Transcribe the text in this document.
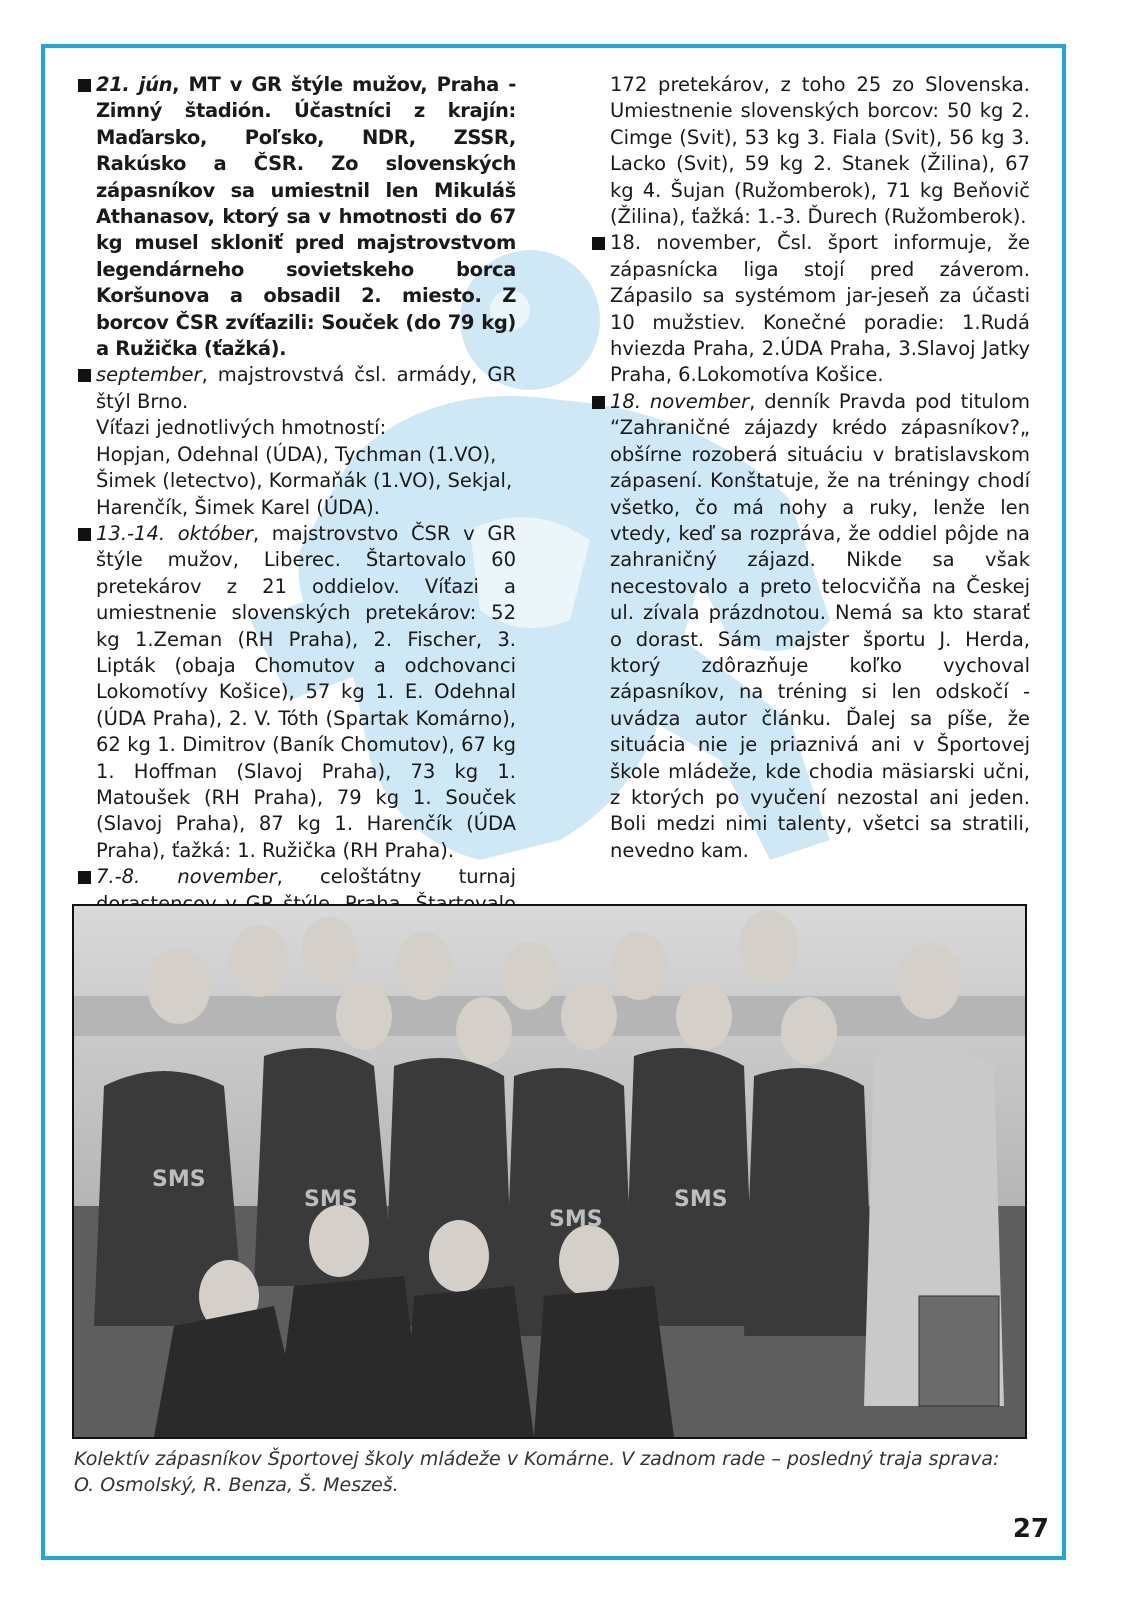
21. jún, MT v GR štýle mužov, Praha - Zimný štadión. Účastníci z krajín: Maďarsko, Poľsko, NDR, ZSSR, Rakúsko a ČSR. Zo slovenských zápasníkov sa umiestnil len Mikuláš Athanasov, ktorý sa v hmotnosti do 67 kg musel skloniť pred majstrovstvom legendárneho sovietskeho borca Koršunova a obsadil 2. miesto. Z borcov ČSR zvíťazili: Souček (do 79 kg) a Ružička (ťažká).

september, majstrovstvá čsl. armády, GR štýl Brno.

Víťazi jednotlivých hmotností:

Hopjan, Odehnal (ÚDA), Tychman (1.VO), Šimek (letectvo), Kormaňák (1.VO), Sekjal, Harenčík, Šimek Karel (ÚDA).

13.-14. október, majstrovstvo ČSR v GR štýle mužov, Liberec. Štartovalo 60 pretekárov z 21 oddielov. Víťazi a umiestnenie slovenských pretekárov: 52 kg 1.Zeman (RH Praha), 2. Fischer, 3. Lipták (obaja Chomutov a odchovanci Lokomotívy Košice), 57 kg 1. E. Odehnal (ÚDA Praha), 2. V. Tóth (Spartak Komárno), 62 kg 1. Dimitrov (Baník Chomutov), 67 kg 1. Hoffman (Slavoj Praha), 73 kg 1. Matoušek (RH Praha), 79 kg 1. Souček (Slavoj Praha), 87 kg 1. Harenčík (ÚDA Praha), ťažká: 1. Ružička (RH Praha).

7.-8. november, celoštátny turnaj

172 pretekárov, z toho 25 zo Slovenska. Umiestnenie slovenských borcov: 50 kg 2. Cimge (Svit), 53 kg 3. Fiala (Svit), 56 kg 3. Lacko (Svit), 59 kg 2. Stanek (Žilina), 67 kg 4. Šujan (Ružomberok), 71 kg Beňovič (Žilina), ťažká: 1.-3. Ďurech (Ružomberok).

18. november, Čsl. šport informuje, že zápasnícka liga stojí pred záverom. Zápasilo sa systémom jar-jeseň za účasti 10 mužstiev. Konečné poradie: 1.Rudá hviezda Praha, 2.ÚDA Praha, 3.Slavoj Jatky Praha, 6.Lokomotíva Košice.

18. november, denník Pravda pod titulom “Zahraničné zájazdy krédo zápasníkov?„ obšírne rozoberá situáciu v bratislavskom zápasení. Konštatuje, že na tréningy chodí všetko, čo má nohy a ruky, lenže len vtedy, keď sa rozpráva, že oddiel pôjde na zahraničný zájazd. Nikde sa však necestovalo a preto telocvičňa na Českej ul. zívala prázdnotou. Nemá sa kto starať o dorast. Sám majster športu J. Herda, ktorý zdôrazňuje koľko vychoval zápasníkov, na tréning si len odskočí - uvádza autor článku. Ďalej sa píše, že situácia nie je priaznivá ani v Športovej škole mládeže, kde chodia mäsiarski učni, z ktorých po vyučení nezostal ani jeden. Boli medzi nimi talenty, všetci sa stratili, nevedno kam.

SMS
SMS
SMS
SMS
Kolektív zápasníkov Športovej školy mládeže v Komárne. V zadnom rade – posledný traja sprava:
O. Osmolský, R. Benza, Š. Meszeš.
27
